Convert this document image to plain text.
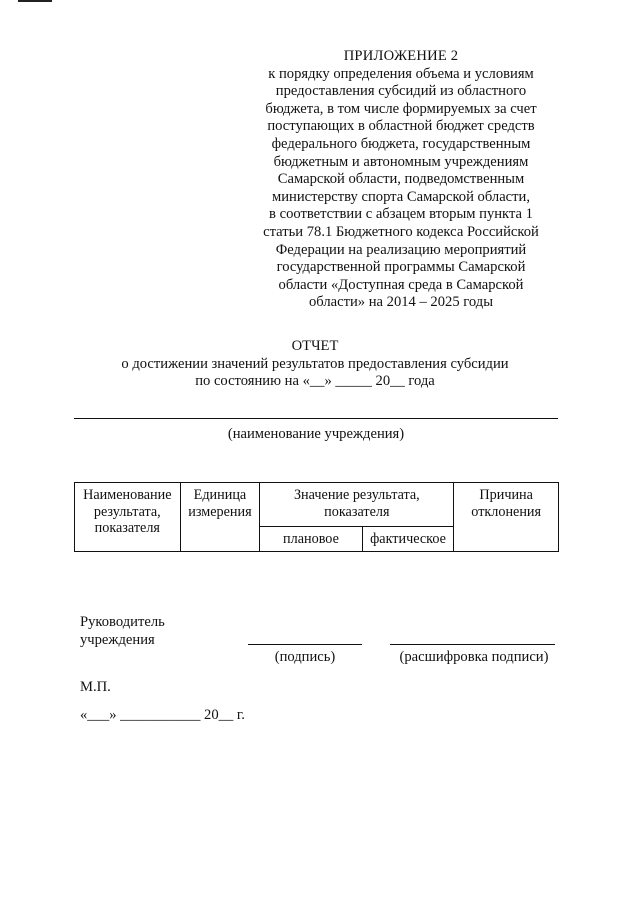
ПРИЛОЖЕНИЕ 2
к порядку определения объема и условиям
предоставления субсидий из областного
бюджета, в том числе формируемых за счет
поступающих в областной бюджет средств
федерального бюджета, государственным
бюджетным и автономным учреждениям
Самарской области, подведомственным
министерству спорта Самарской области,
в соответствии с абзацем вторым пункта 1
статьи 78.1 Бюджетного кодекса Российской
Федерации на реализацию мероприятий
государственной программы Самарской
области «Доступная среда в Самарской
области» на 2014 – 2025 годы
ОТЧЕТ
о достижении значений результатов предоставления субсидии
по состоянию на «__» _____ 20__ года
(наименование учреждения)
Наименование результата, показателя	Единица измерения	Значение результата, показателя		Причина отклонения
		плановое	фактическое	
Руководитель учреждения
(подпись)	(расшифровка подписи)
М.П.
«___» ___________ 20__ г.
